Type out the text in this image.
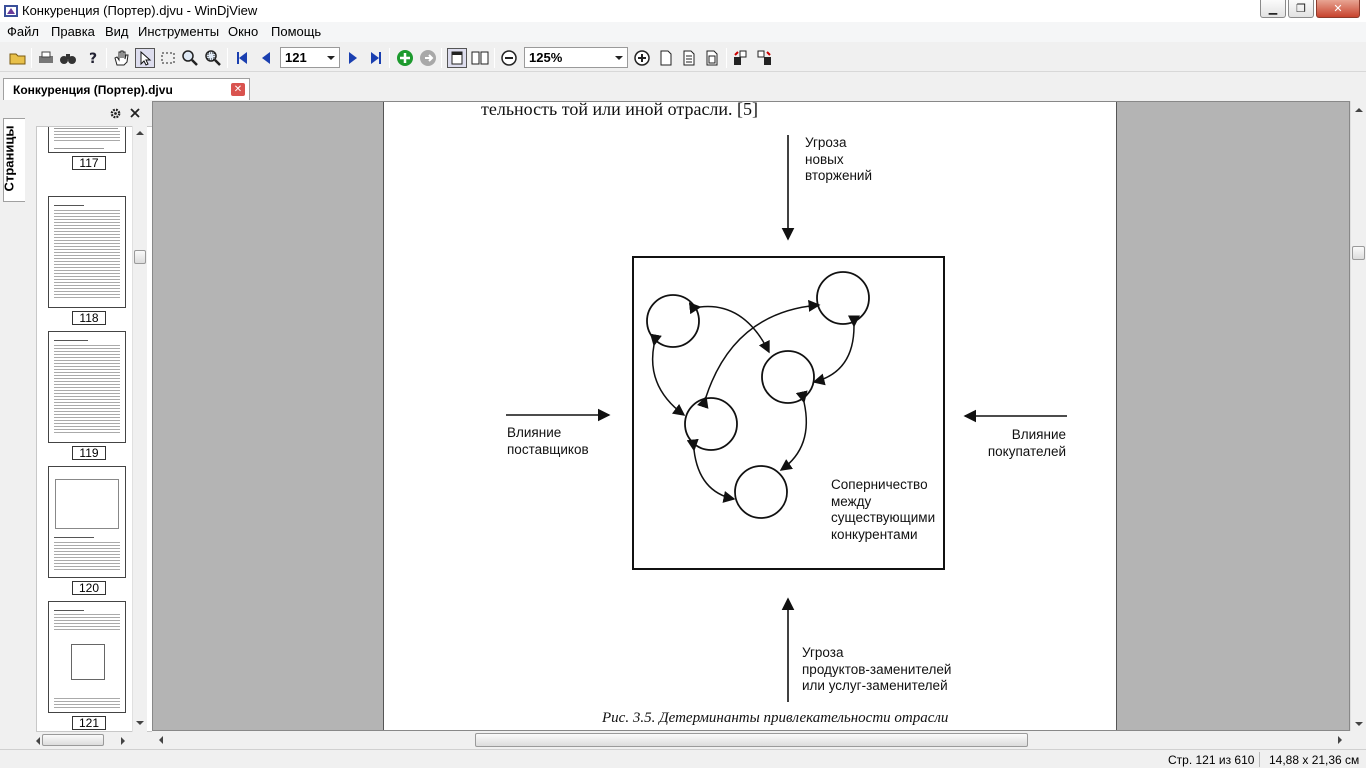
Конкуренция (Портер).djvu - WinDjView	▁	❐	✕
Файл Правка Вид Инструменты Окно Помощь
?	121	125%
Конкуренция (Портер).djvu	✕
Страницы	117
118
119
120
121
тельность той или иной отрасли. [5]
Угроза
новых
вторжений
Влияние
поставщиков
Влияние
покупателей
Соперничество
между
существующими
конкурентами
Угроза
продуктов-заменителей
или услуг-заменителей
Рис. 3.5. Детерминанты привлекательности отрасли
Стр. 121 из 610 14,88 x 21,36 см
